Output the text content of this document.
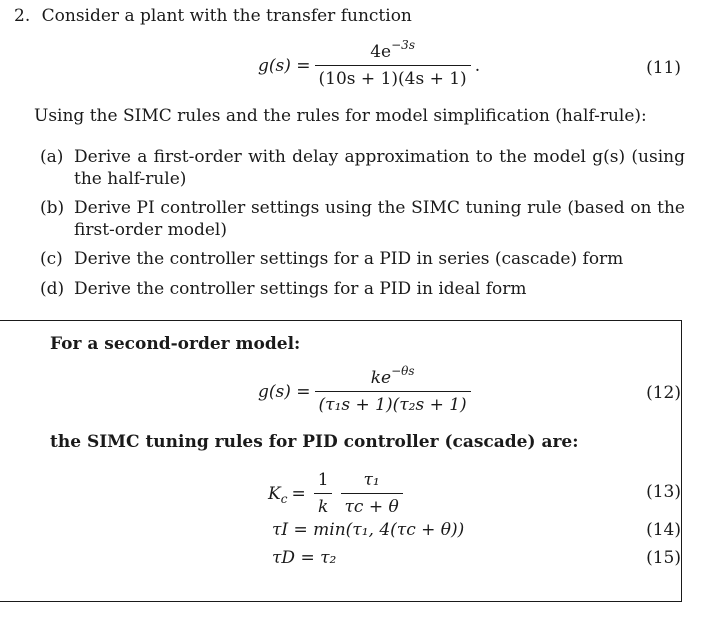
2. Consider a plant with the transfer function
$g(s) = \frac{4e^{-3s}}{(10s + 1)(4s + 1)}$ .	(11)
Using the SIMC rules and the rules for model simplification (half-rule):
(a) Derive a first-order with delay approximation to the model g(s) (using the half-rule)
(b) Derive PI controller settings using the SIMC tuning rule (based on the first-order model)
(c) Derive the controller settings for a PID in series (cascade) form
(d) Derive the controller settings for a PID in ideal form
For a second-order model:
$g(s) = \frac{ke^{-\theta s}}{\text{(τ₁s + 1)(τ₂s + 1)}}$	(12)
the SIMC tuning rules for PID controller (cascade) are:
$K_c = \frac{1}{k} \frac{\text{τ₁}}{\tau c + \theta}$	(13)
τI = min(τ₁, 4(τc + θ))	(14)
τD = τ₂	(15)
